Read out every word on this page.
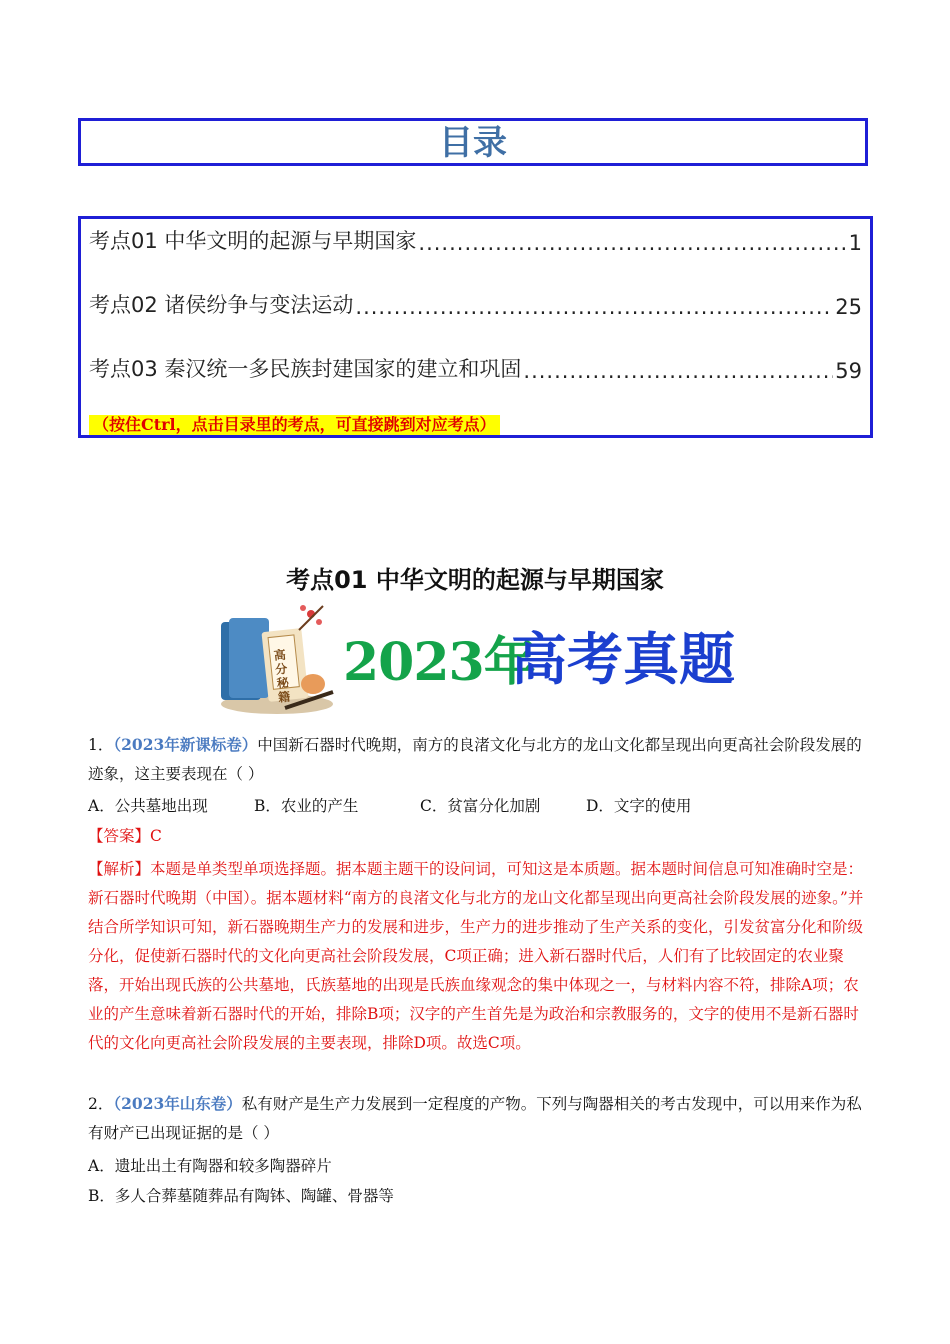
目录
考点01 中华文明的起源与早期国家 .....	1
考点02 诸侯纷争与变法运动 .....	25
考点03 秦汉统一多民族封建国家的建立和巩固 .....	59
（按住Ctrl，点击目录里的考点，可直接跳到对应考点）
考点01 中华文明的起源与早期国家
高分秘籍
2023年
高考真题
1．（2023年新课标卷）中国新石器时代晚期，南方的良渚文化与北方的龙山文化都呈现出向更高社会阶段发展的迹象，这主要表现在（ ）
A．公共墓地出现	B．农业的产生	C．贫富分化加剧	D．文字的使用
【答案】C
【解析】本题是单类型单项选择题。据本题主题干的设问词，可知这是本质题。据本题时间信息可知准确时空是：新石器时代晚期（中国）。据本题材料“南方的良渚文化与北方的龙山文化都呈现出向更高社会阶段发展的迹象。”并结合所学知识可知，新石器晚期生产力的发展和进步，生产力的进步推动了生产关系的变化，引发贫富分化和阶级分化，促使新石器时代的文化向更高社会阶段发展，C项正确；进入新石器时代后，人们有了比较固定的农业聚落，开始出现氏族的公共墓地，氏族墓地的出现是氏族血缘观念的集中体现之一，与材料内容不符，排除A项；农业的产生意味着新石器时代的开始，排除B项；汉字的产生首先是为政治和宗教服务的，文字的使用不是新石器时代的文化向更高社会阶段发展的主要表现，排除D项。故选C项。
2．（2023年山东卷）私有财产是生产力发展到一定程度的产物。下列与陶器相关的考古发现中，可以用来作为私有财产已出现证据的是（ ）
A．遗址出土有陶器和较多陶器碎片
B．多人合葬墓随葬品有陶钵、陶罐、骨器等
